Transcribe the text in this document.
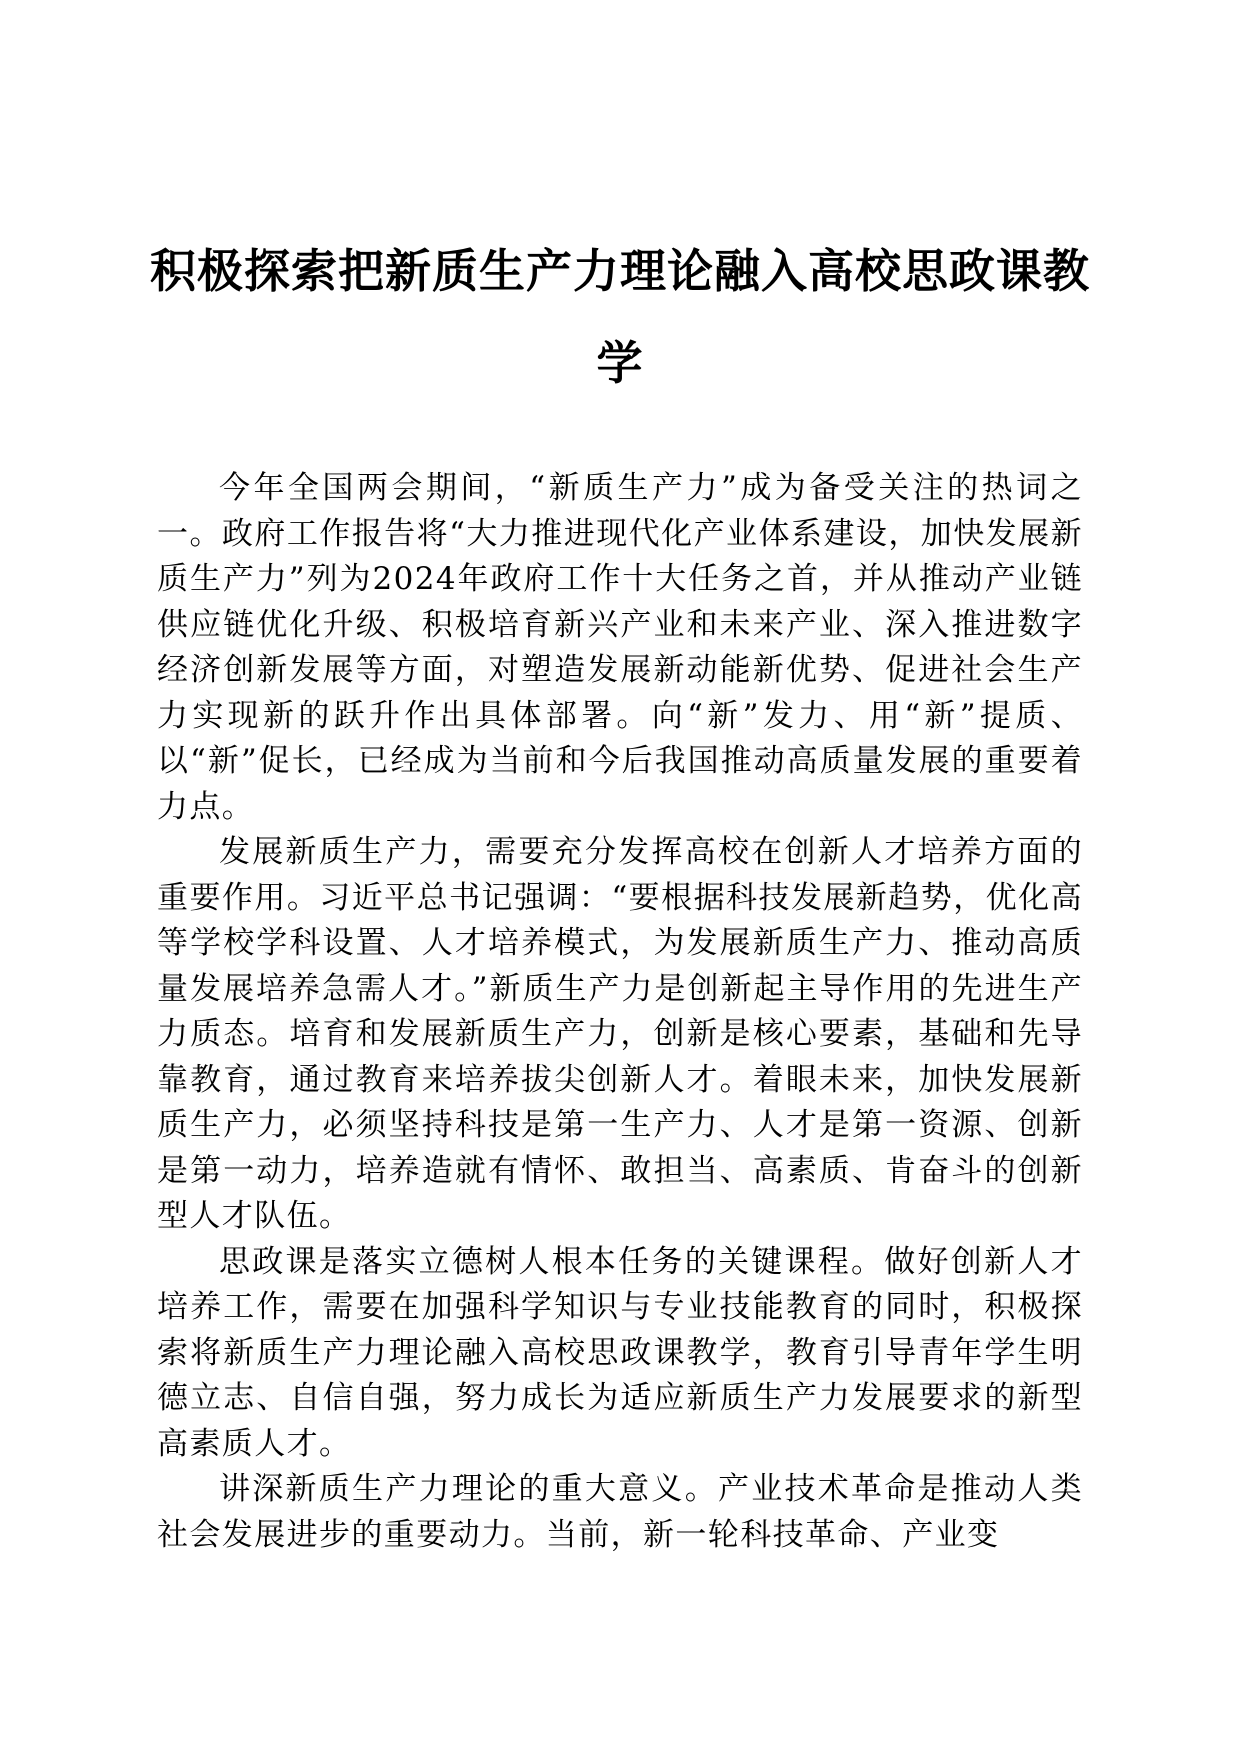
积极探索把新质生产力理论融入高校思政课教学

今年全国两会期间，“新质生产力”成为备受关注的热词之一。政府工作报告将“大力推进现代化产业体系建设，加快发展新质生产力”列为2024年政府工作十大任务之首，并从推动产业链供应链优化升级、积极培育新兴产业和未来产业、深入推进数字经济创新发展等方面，对塑造发展新动能新优势、促进社会生产力实现新的跃升作出具体部署。向“新”发力、用“新”提质、以“新”促长，已经成为当前和今后我国推动高质量发展的重要着力点。

发展新质生产力，需要充分发挥高校在创新人才培养方面的重要作用。习近平总书记强调：“要根据科技发展新趋势，优化高等学校学科设置、人才培养模式，为发展新质生产力、推动高质量发展培养急需人才。”新质生产力是创新起主导作用的先进生产力质态。培育和发展新质生产力，创新是核心要素，基础和先导靠教育，通过教育来培养拔尖创新人才。着眼未来，加快发展新质生产力，必须坚持科技是第一生产力、人才是第一资源、创新是第一动力，培养造就有情怀、敢担当、高素质、肯奋斗的创新型人才队伍。

思政课是落实立德树人根本任务的关键课程。做好创新人才培养工作，需要在加强科学知识与专业技能教育的同时，积极探索将新质生产力理论融入高校思政课教学，教育引导青年学生明德立志、自信自强，努力成长为适应新质生产力发展要求的新型高素质人才。

讲深新质生产力理论的重大意义。产业技术革命是推动人类社会发展进步的重要动力。当前，新一轮科技革命、产业变
